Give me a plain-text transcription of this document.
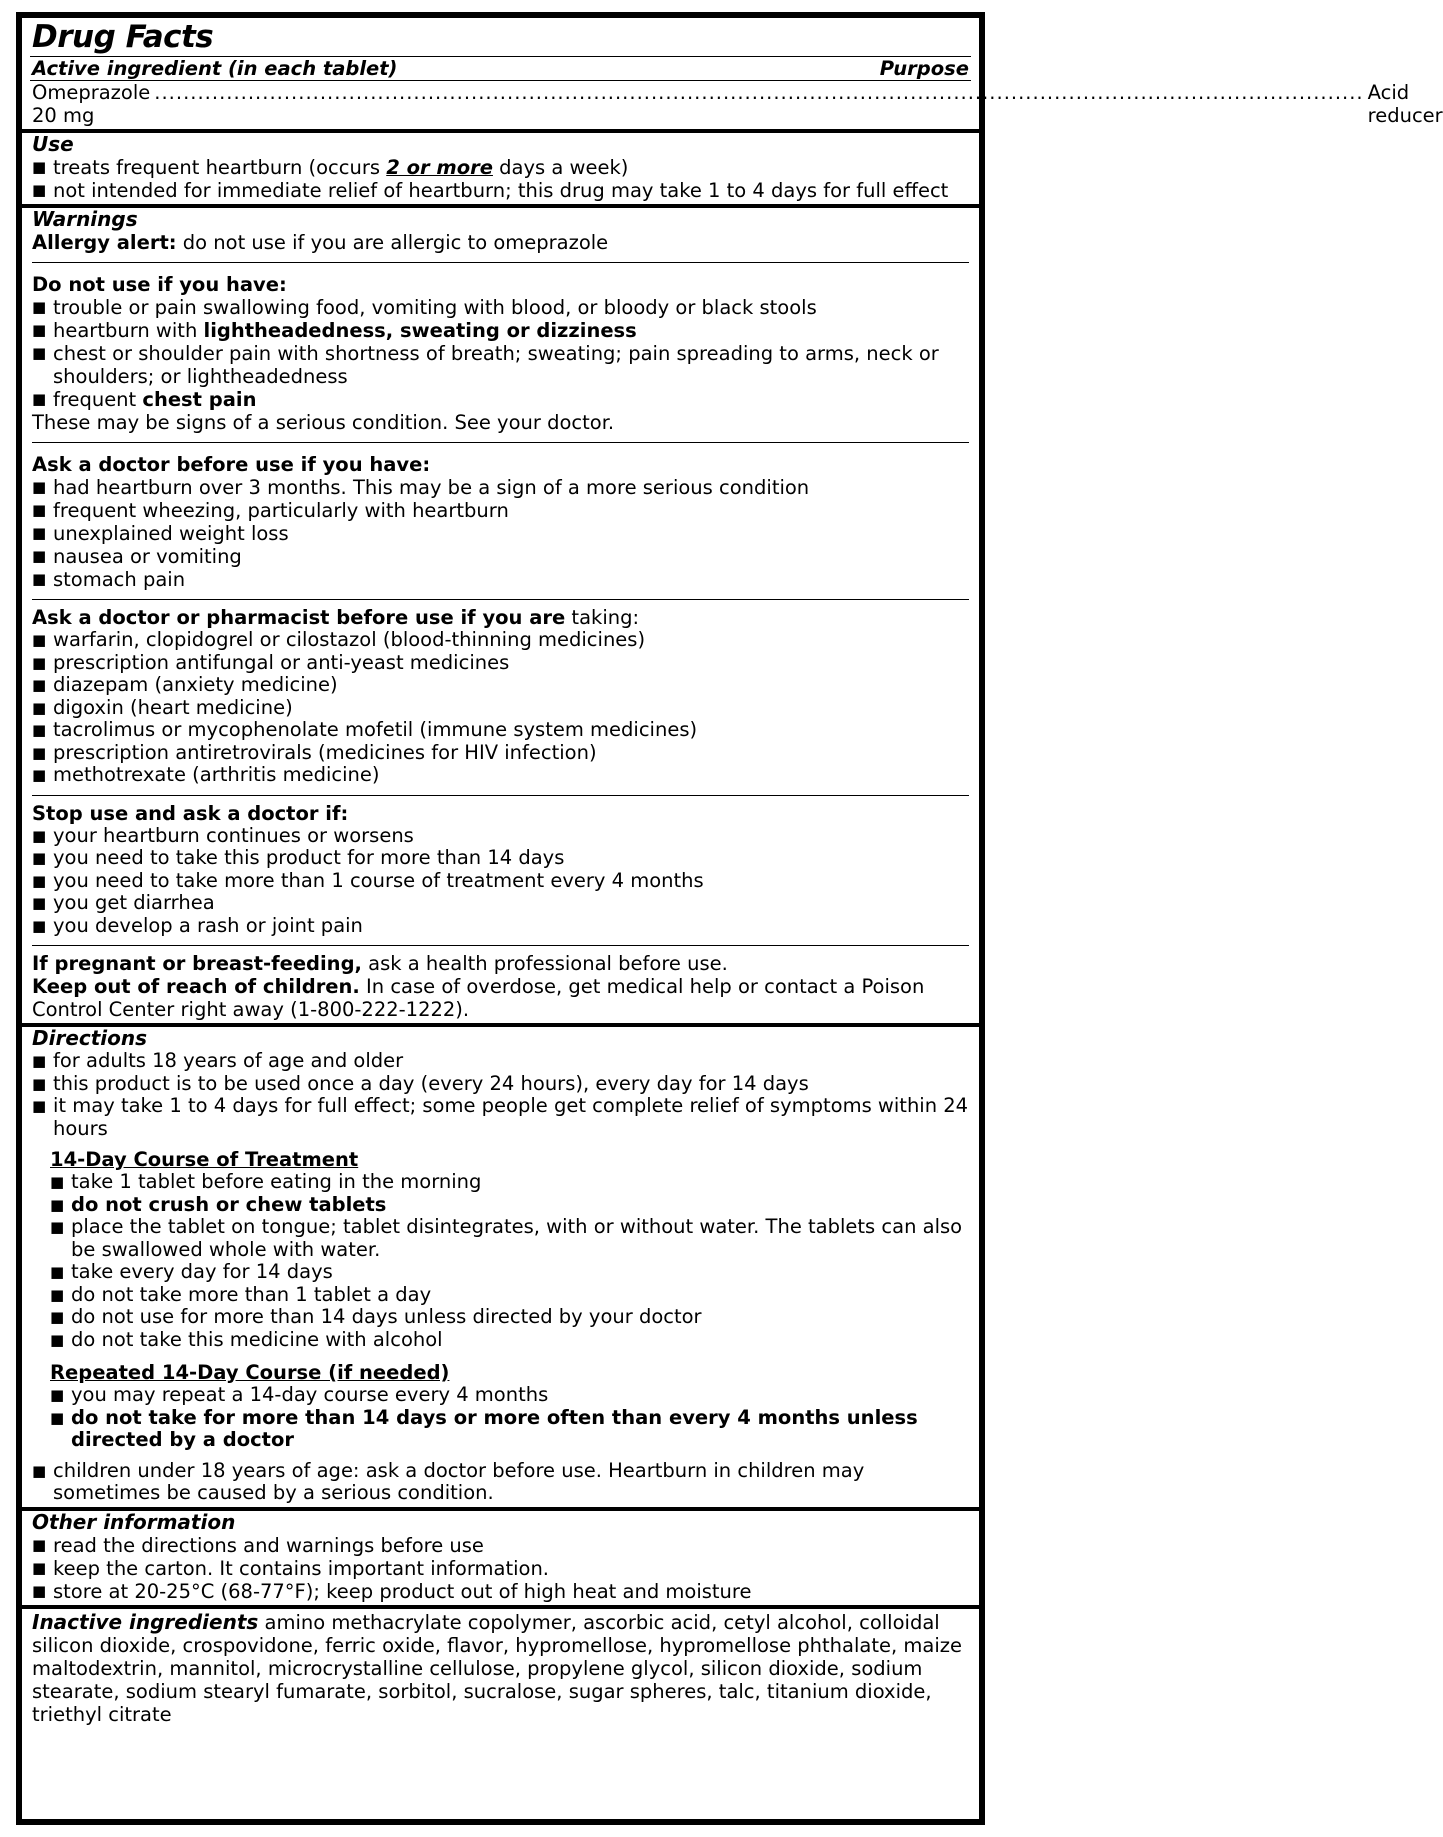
Drug Facts
Active ingredient (in each tablet)	Purpose
Omeprazole 20 mg
........................................................................................................................................................................ Acid reducer
Use
■ treats frequent heartburn (occurs 2 or more days a week)
■ not intended for immediate relief of heartburn; this drug may take 1 to 4 days for full effect
Warnings
Allergy alert: do not use if you are allergic to omeprazole
Do not use if you have:
■ trouble or pain swallowing food, vomiting with blood, or bloody or black stools
■ heartburn with lightheadedness, sweating or dizziness
■ chest or shoulder pain with shortness of breath; sweating; pain spreading to arms, neck or shoulders; or lightheadedness
■ frequent chest pain
These may be signs of a serious condition. See your doctor.
Ask a doctor before use if you have:
■ had heartburn over 3 months. This may be a sign of a more serious condition
■ frequent wheezing, particularly with heartburn
■ unexplained weight loss
■ nausea or vomiting
■ stomach pain
Ask a doctor or pharmacist before use if you are taking:
■ warfarin, clopidogrel or cilostazol (blood-thinning medicines)
■ prescription antifungal or anti-yeast medicines
■ diazepam (anxiety medicine)
■ digoxin (heart medicine)
■ tacrolimus or mycophenolate mofetil (immune system medicines)
■ prescription antiretrovirals (medicines for HIV infection)
■ methotrexate (arthritis medicine)
Stop use and ask a doctor if:
■ your heartburn continues or worsens
■ you need to take this product for more than 14 days
■ you need to take more than 1 course of treatment every 4 months
■ you get diarrhea
■ you develop a rash or joint pain
If pregnant or breast-feeding, ask a health professional before use.
Keep out of reach of children. In case of overdose, get medical help or contact a Poison Control Center right away (1-800-222-1222).
Directions
■ for adults 18 years of age and older
■ this product is to be used once a day (every 24 hours), every day for 14 days
■ it may take 1 to 4 days for full effect; some people get complete relief of symptoms within 24 hours
14-Day Course of Treatment
■ take 1 tablet before eating in the morning
■ do not crush or chew tablets
■ place the tablet on tongue; tablet disintegrates, with or without water. The tablets can also be swallowed whole with water.
■ take every day for 14 days
■ do not take more than 1 tablet a day
■ do not use for more than 14 days unless directed by your doctor
■ do not take this medicine with alcohol
Repeated 14-Day Course (if needed)
■ you may repeat a 14-day course every 4 months
■ do not take for more than 14 days or more often than every 4 months unless directed by a doctor
■ children under 18 years of age: ask a doctor before use. Heartburn in children may sometimes be caused by a serious condition.
Other information
■ read the directions and warnings before use
■ keep the carton. It contains important information.
■ store at 20-25°C (68-77°F); keep product out of high heat and moisture
Inactive ingredients amino methacrylate copolymer, ascorbic acid, cetyl alcohol, colloidal silicon dioxide, crospovidone, ferric oxide, flavor, hypromellose, hypromellose phthalate, maize maltodextrin, mannitol, microcrystalline cellulose, propylene glycol, silicon dioxide, sodium stearate, sodium stearyl fumarate, sorbitol, sucralose, sugar spheres, talc, titanium dioxide, triethyl citrate
